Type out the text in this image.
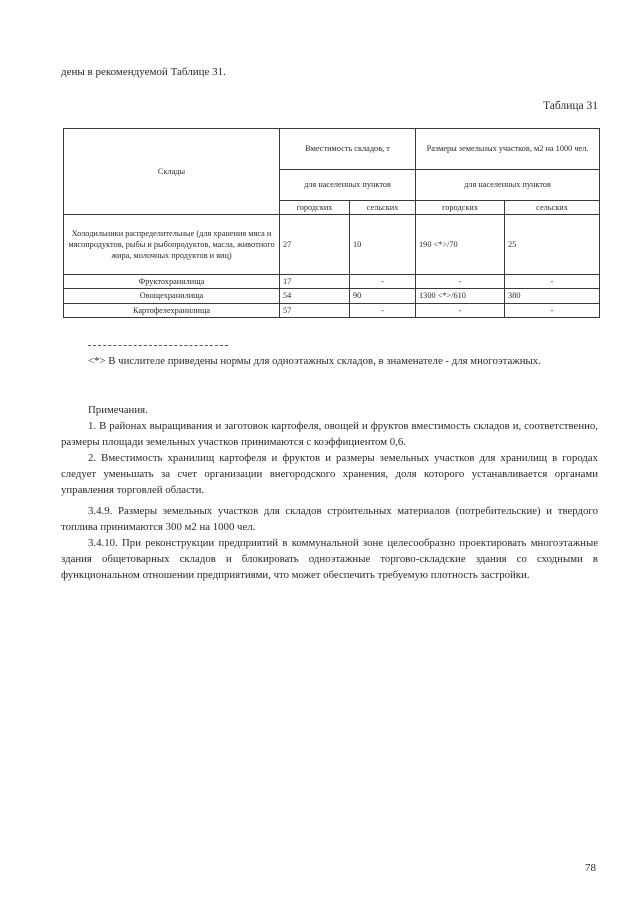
дены в рекомендуемой Таблице 31.
Таблица 31
Склады	Вместимость складов, т		Размеры земельных участков, м2 на 1000 чел.	
	для населенных пунктов		для населенных пунктов	
	городских	сельских	городских	сельских
Холодильники распределительные (для хранения мяса и мясопродуктов, рыбы и рыбопродуктов, масла, животного жира, молочных продуктов и яиц)	27	10	190 <*>/70	25
Фруктохранилища	17	-	-	-
Овощехранилища	54	90	1300 <*>/610	380
Картофелехранилища	57	-	-	-

<*> В числителе приведены нормы для одноэтажных складов, в знаменателе - для многоэтажных.

Примечания.

1. В районах выращивания и заготовок картофеля, овощей и фруктов вместимость складов и, соответственно, размеры площади земельных участков принимаются с коэффициентом 0,6.

2. Вместимость хранилищ картофеля и фруктов и размеры земельных участков для хранилищ в городах следует уменьшать за счет организации внегородского хранения, доля которого устанавливается органами управления торговлей области.

3.4.9. Размеры земельных участков для складов строительных материалов (потребительские) и твердого топлива принимаются 300 м2 на 1000 чел.

3.4.10. При реконструкции предприятий в коммунальной зоне целесообразно проектировать многоэтажные здания общетоварных складов и блокировать одноэтажные торгово-складские здания со сходными в функциональном отношении предприятиями, что может обеспечить требуемую плотность застройки.

78
